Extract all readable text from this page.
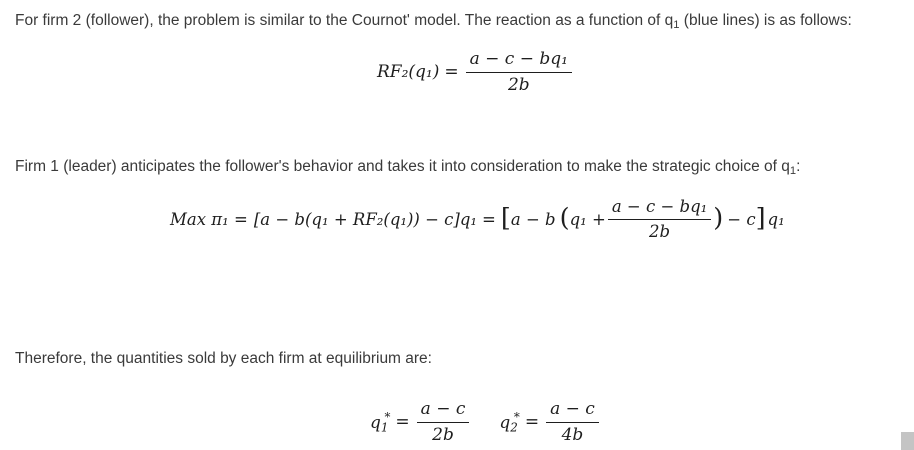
For firm 2 (follower), the problem is similar to the Cournot' model. The reaction as a function of $q_1$ (blue lines) is as follows:

$RF_2(q_1) = \frac{\text{a − c − bq₁}}{2b}$

Firm 1 (leader) anticipates the follower's behavior and takes it into consideration to make the strategic choice of $q_1$:

Max π₁ = [a − b(q₁ + RF₂(q₁)) − c]q₁ = [ a − b ( $q_1 + \frac{\text{a − c − bq₁}}{2b}$ ) − c ] q₁

Therefore, the quantities sold by each firm at equilibrium are:

$q_1^* = \frac{a - c}{2b} q_2^* = \frac{a - c}{4b}$
